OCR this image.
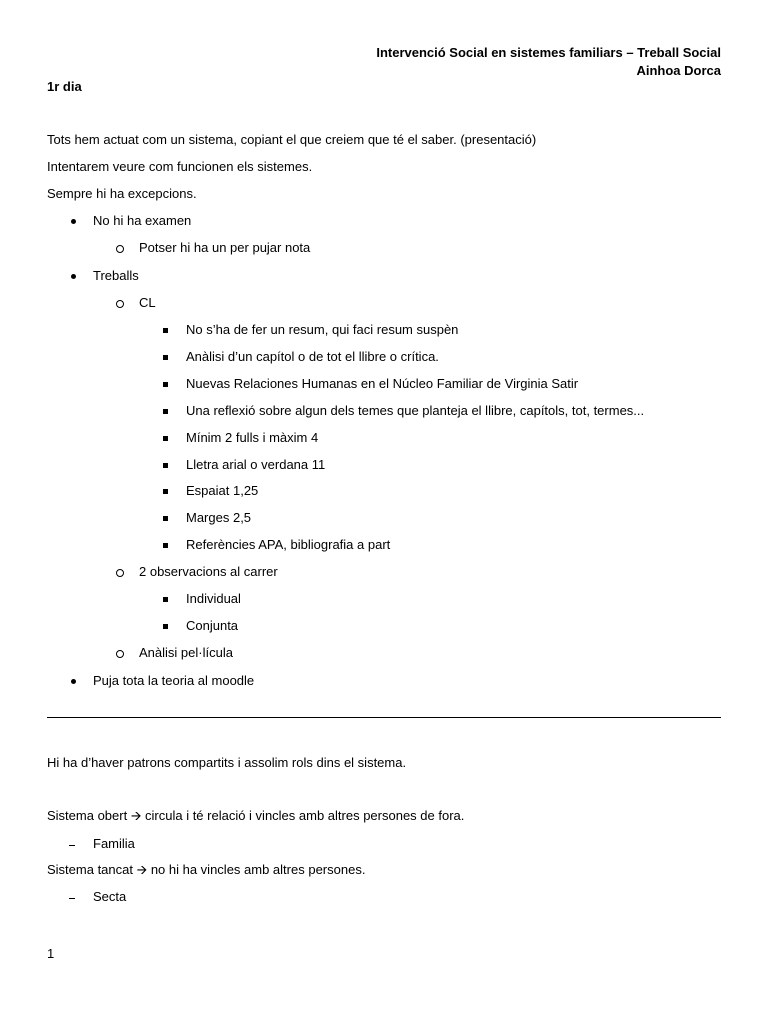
Intervenció Social en sistemes familiars – Treball Social
Ainhoa Dorca
1r dia
Tots hem actuat com un sistema, copiant el que creiem que té el saber. (presentació)
Intentarem veure com funcionen els sistemes.
Sempre hi ha excepcions.
No hi ha examen
Potser hi ha un per pujar nota
Treballs
CL
No s’ha de fer un resum, qui faci resum suspèn
Anàlisi d’un capítol o de tot el llibre o crítica.
Nuevas Relaciones Humanas en el Núcleo Familiar de Virginia Satir
Una reflexió sobre algun dels temes que planteja el llibre, capítols, tot, termes...
Mínim 2 fulls i màxim 4
Lletra arial o verdana 11
Espaiat 1,25
Marges 2,5
Referències APA, bibliografia a part
2 observacions al carrer
Individual
Conjunta
Anàlisi pel·lícula
Puja tota la teoria al moodle
Hi ha d’haver patrons compartits i assolim rols dins el sistema.
Sistema obert 🡪 circula i té relació i vincles amb altres persones de fora.
Familia
Sistema tancat 🡪 no hi ha vincles amb altres persones.
Secta
1
